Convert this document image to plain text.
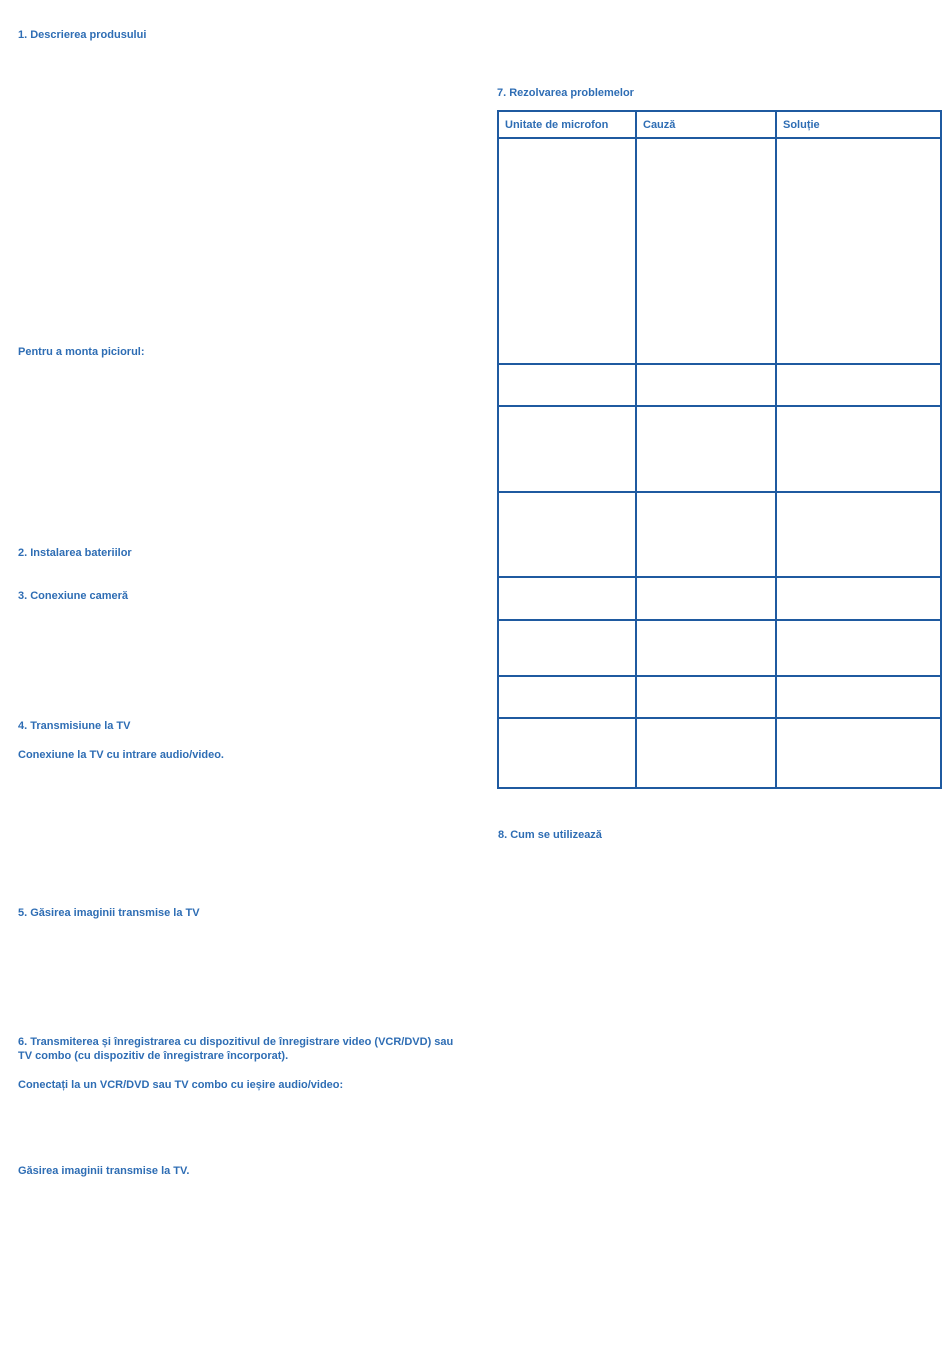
1. Descrierea produsului
Pentru a monta piciorul:
2. Instalarea bateriilor
3. Conexiune cameră
4. Transmisiune la TV
Conexiune la TV cu intrare audio/video.
5. Găsirea imaginii transmise la TV
6. Transmiterea și înregistrarea cu dispozitivul de înregistrare video (VCR/DVD) sau TV combo (cu dispozitiv de înregistrare încorporat).
Conectați la un VCR/DVD sau TV combo cu ieșire audio/video:
Găsirea imaginii transmise la TV.
7. Rezolvarea problemelor
Unitate de microfon	Cauză	Soluție

8. Cum se utilizează
